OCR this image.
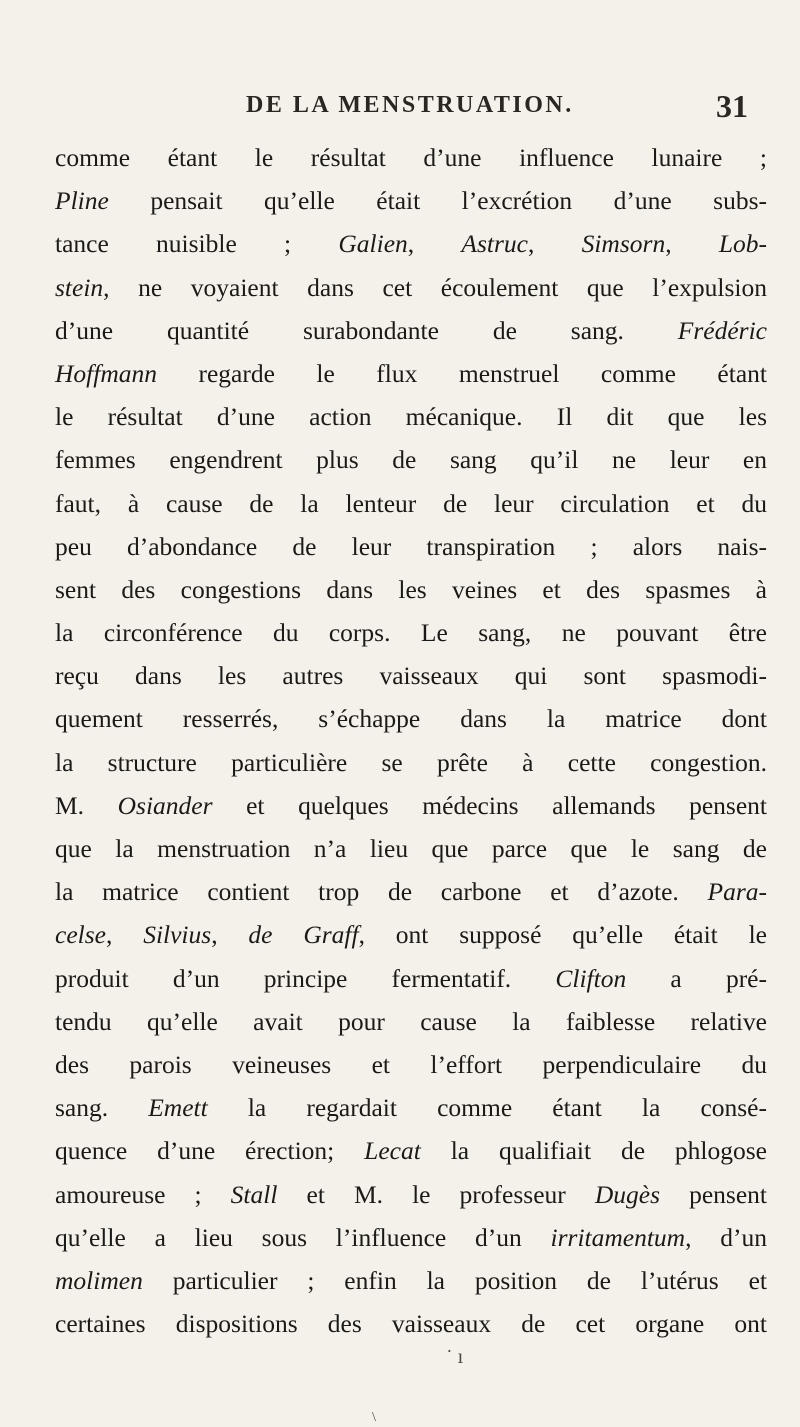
DE LA MENSTRUATION.	31
comme étant le résultat d’une influence lunaire ;
Pline pensait qu’elle était l’excrétion d’une subs-
tance nuisible ; Galien, Astruc, Simsorn, Lob-
stein, ne voyaient dans cet écoulement que l’expulsion
d’une quantité surabondante de sang. Frédéric
Hoffmann regarde le flux menstruel comme étant
le résultat d’une action mécanique. Il dit que les
femmes engendrent plus de sang qu’il ne leur en
faut, à cause de la lenteur de leur circulation et du
peu d’abondance de leur transpiration ; alors nais-
sent des congestions dans les veines et des spasmes à
la circonférence du corps. Le sang, ne pouvant être
reçu dans les autres vaisseaux qui sont spasmodi-
quement resserrés, s’échappe dans la matrice dont
la structure particulière se prête à cette congestion.
M. Osiander et quelques médecins allemands pensent
que la menstruation n’a lieu que parce que le sang de
la matrice contient trop de carbone et d’azote. Para-
celse, Silvius, de Graff, ont supposé qu’elle était le
produit d’un principe fermentatif. Clifton a pré-
tendu qu’elle avait pour cause la faiblesse relative
des parois veineuses et l’effort perpendiculaire du
sang. Emett la regardait comme étant la consé-
quence d’une érection; Lecat la qualifiait de phlogose
amoureuse ; Stall et M. le professeur Dugès pensent
qu’elle a lieu sous l’influence d’un irritamentum, d’un
molimen particulier ; enfin la position de l’utérus et
certaines dispositions des vaisseaux de cet organe ont
˙ ı
\
